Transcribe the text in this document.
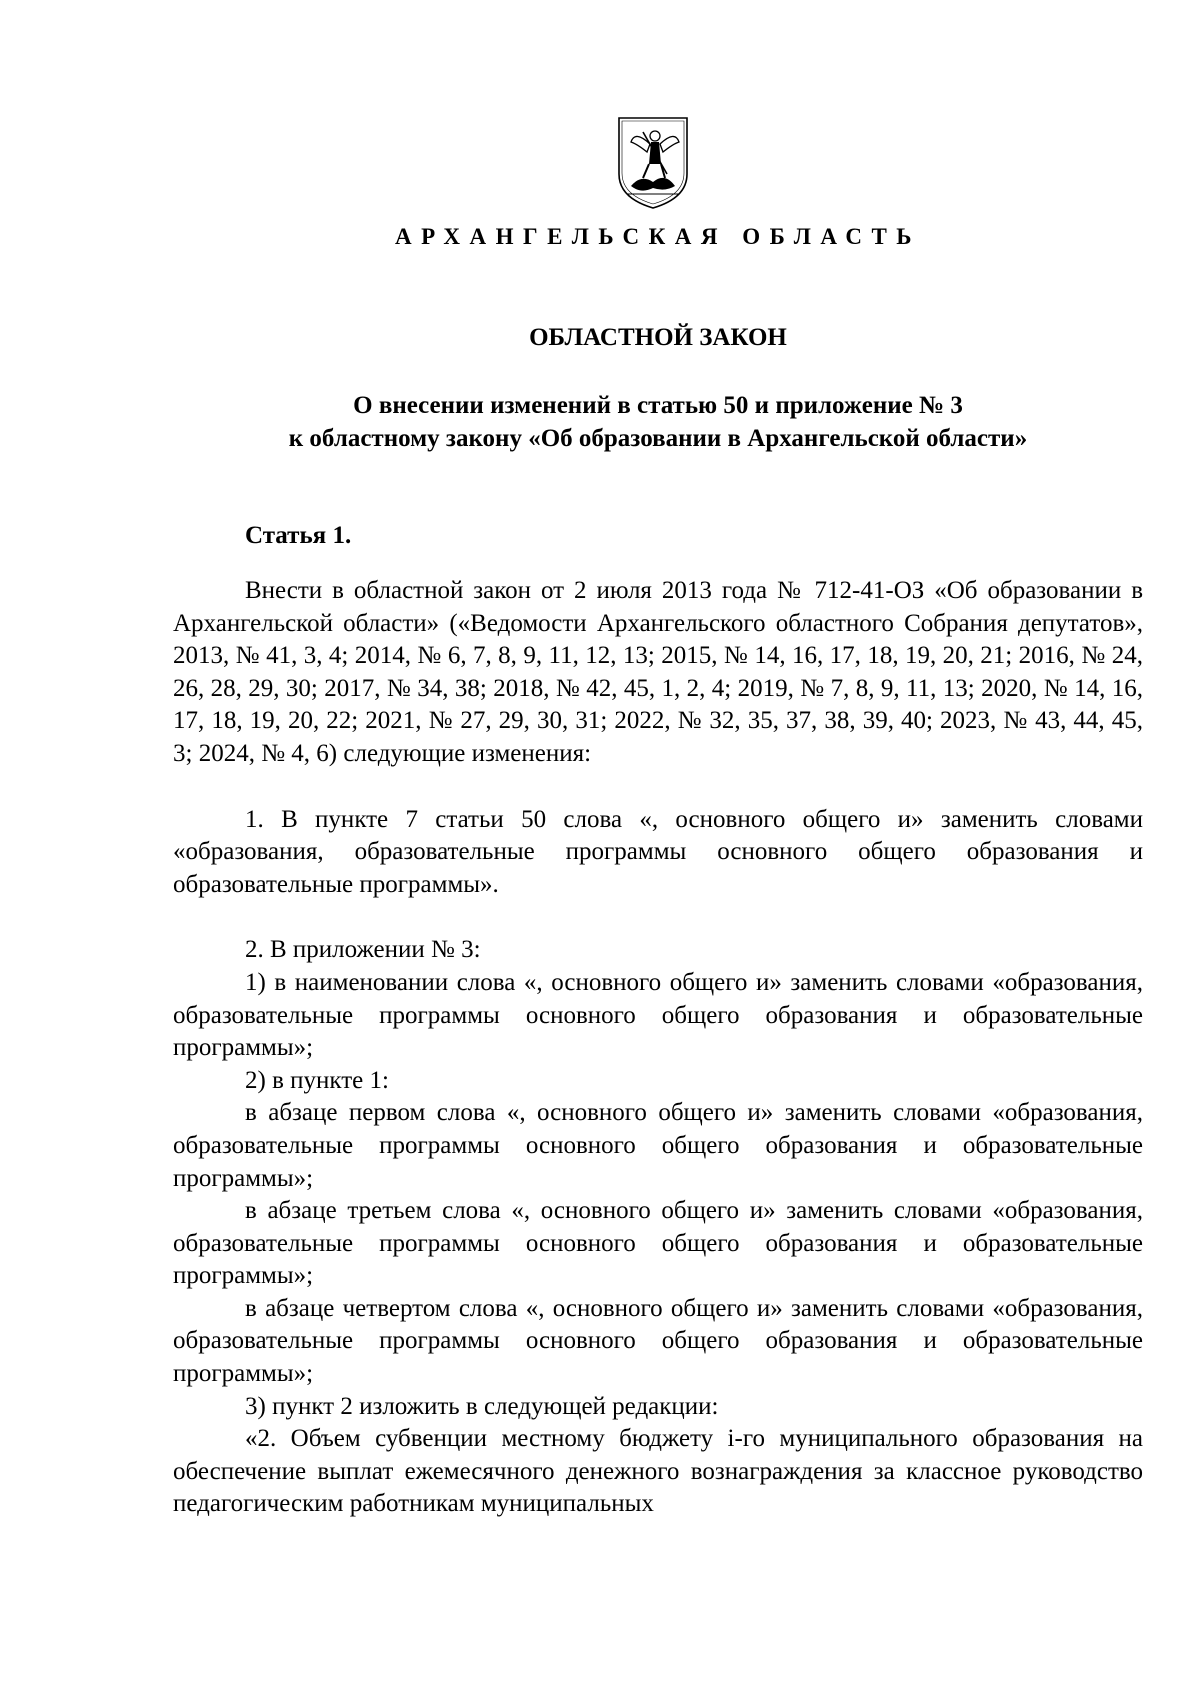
АРХАНГЕЛЬСКАЯ ОБЛАСТЬ
ОБЛАСТНОЙ ЗАКОН
О внесении изменений в статью 50 и приложение № 3
к областному закону «Об образовании в Архангельской области»
Статья 1.

Внести в областной закон от 2 июля 2013 года № 712-41-ОЗ «Об образовании в Архангельской области» («Ведомости Архангельского областного Собрания депутатов», 2013, № 41, 3, 4; 2014, № 6, 7, 8, 9, 11, 12, 13; 2015, № 14, 16, 17, 18, 19, 20, 21; 2016, № 24, 26, 28, 29, 30; 2017, № 34, 38; 2018, № 42, 45, 1, 2, 4; 2019, № 7, 8, 9, 11, 13; 2020, № 14, 16, 17, 18, 19, 20, 22; 2021, № 27, 29, 30, 31; 2022, № 32, 35, 37, 38, 39, 40; 2023, № 43, 44, 45, 3; 2024, № 4, 6) следующие изменения:

1. В пункте 7 статьи 50 слова «, основного общего и» заменить словами «образования, образовательные программы основного общего образования и образовательные программы».

2. В приложении № 3:

1) в наименовании слова «, основного общего и» заменить словами «образования, образовательные программы основного общего образования и образовательные программы»;

2) в пункте 1:

в абзаце первом слова «, основного общего и» заменить словами «образования, образовательные программы основного общего образования и образовательные программы»;

в абзаце третьем слова «, основного общего и» заменить словами «образования, образовательные программы основного общего образования и образовательные программы»;

в абзаце четвертом слова «, основного общего и» заменить словами «образования, образовательные программы основного общего образования и образовательные программы»;

3) пункт 2 изложить в следующей редакции:

«2. Объем субвенции местному бюджету i-го муниципального образования на обеспечение выплат ежемесячного денежного вознаграждения за классное руководство педагогическим работникам муниципальных
